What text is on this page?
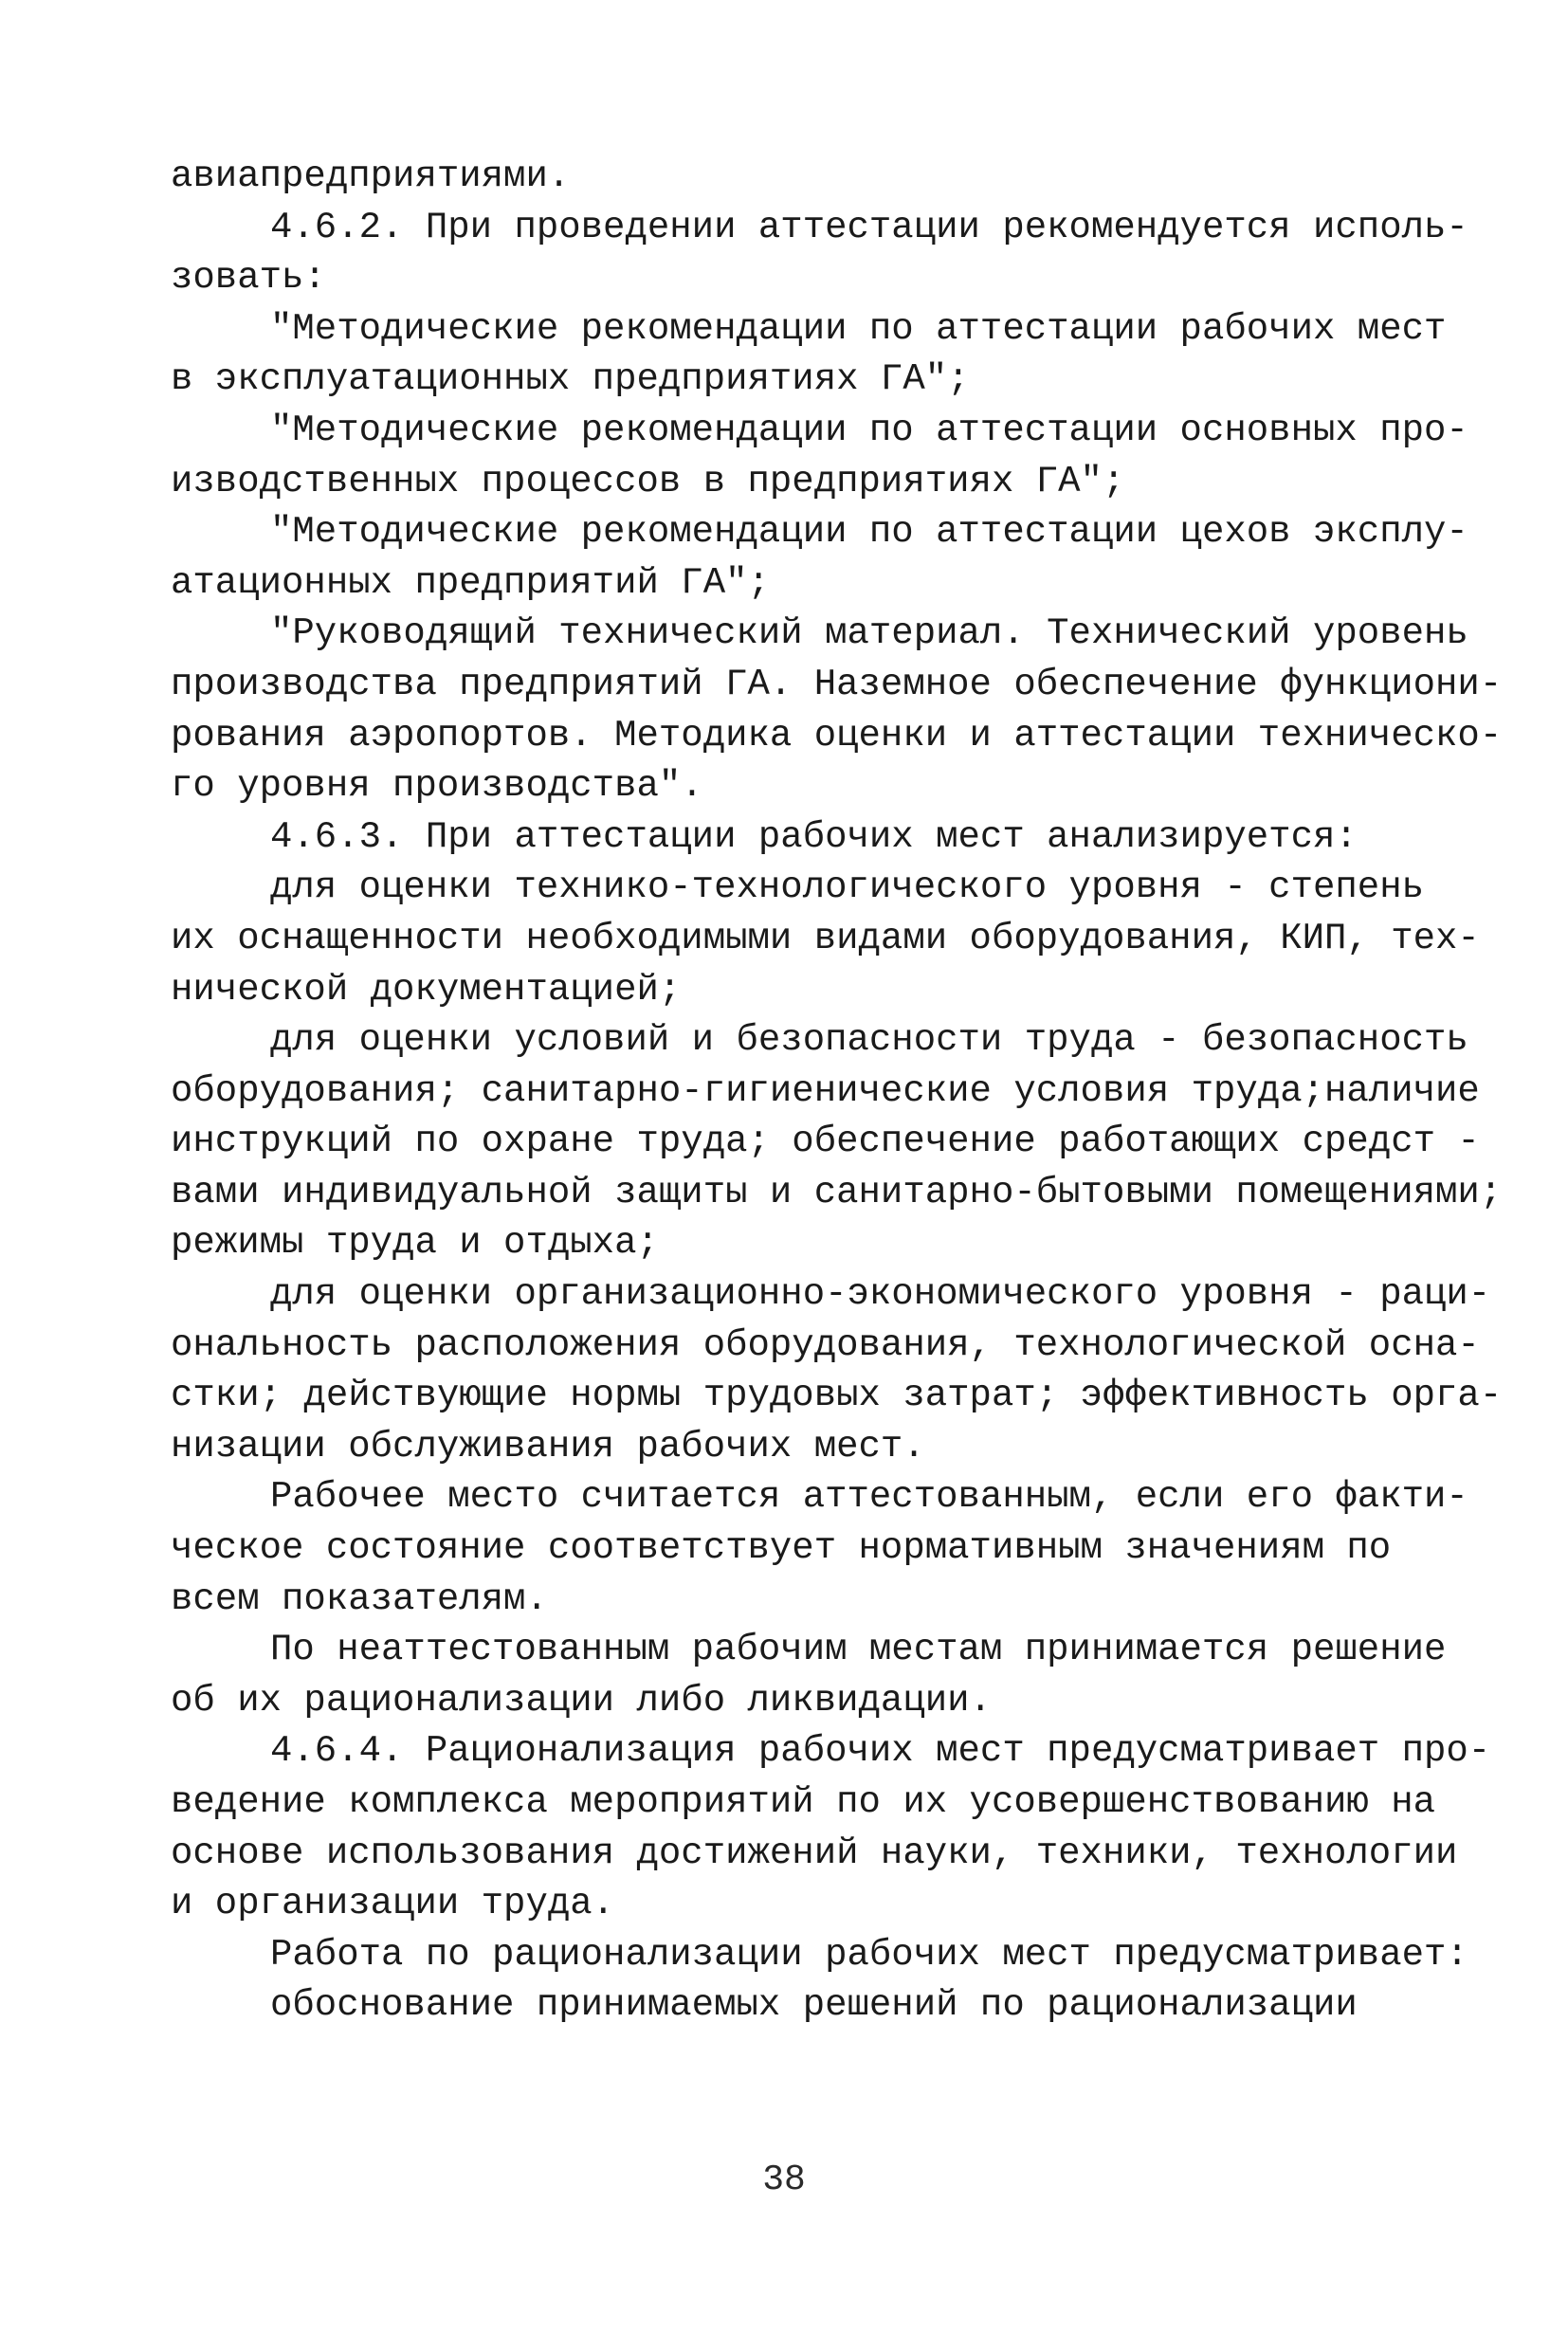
авиапредприятиями.
4.6.2. При проведении аттестации рекомендуется исполь-
зовать:
"Методические рекомендации по аттестации рабочих мест
в эксплуатационных предприятиях ГА";
"Методические рекомендации по аттестации основных про-
изводственных процессов в предприятиях ГА";
"Методические рекомендации по аттестации цехов эксплу-
атационных предприятий ГА";
"Руководящий технический материал. Технический уровень
производства предприятий ГА. Наземное обеспечение функциони-
рования аэропортов. Методика оценки и аттестации техническо-
го уровня производства".
4.6.3. При аттестации рабочих мест анализируется:
для оценки технико-технологического уровня - степень
их оснащенности необходимыми видами оборудования, КИП, тех-
нической документацией;
для оценки условий и безопасности труда - безопасность
оборудования; санитарно-гигиенические условия труда;наличие
инструкций по охране труда; обеспечение работающих средст -
вами индивидуальной защиты и санитарно-бытовыми помещениями;
режимы труда и отдыха;
для оценки организационно-экономического уровня - раци-
ональность расположения оборудования, технологической осна-
стки; действующие нормы трудовых затрат; эффективность орга-
низации обслуживания рабочих мест.
Рабочее место считается аттестованным, если его факти-
ческое состояние соответствует нормативным значениям по
всем показателям.
По неаттестованным рабочим местам принимается решение
об их рационализации либо ликвидации.
4.6.4. Рационализация рабочих мест предусматривает про-
ведение комплекса мероприятий по их усовершенствованию на
основе использования достижений науки, техники, технологии
и организации труда.
Работа по рационализации рабочих мест предусматривает:
обоснование принимаемых решений по рационализации
38
